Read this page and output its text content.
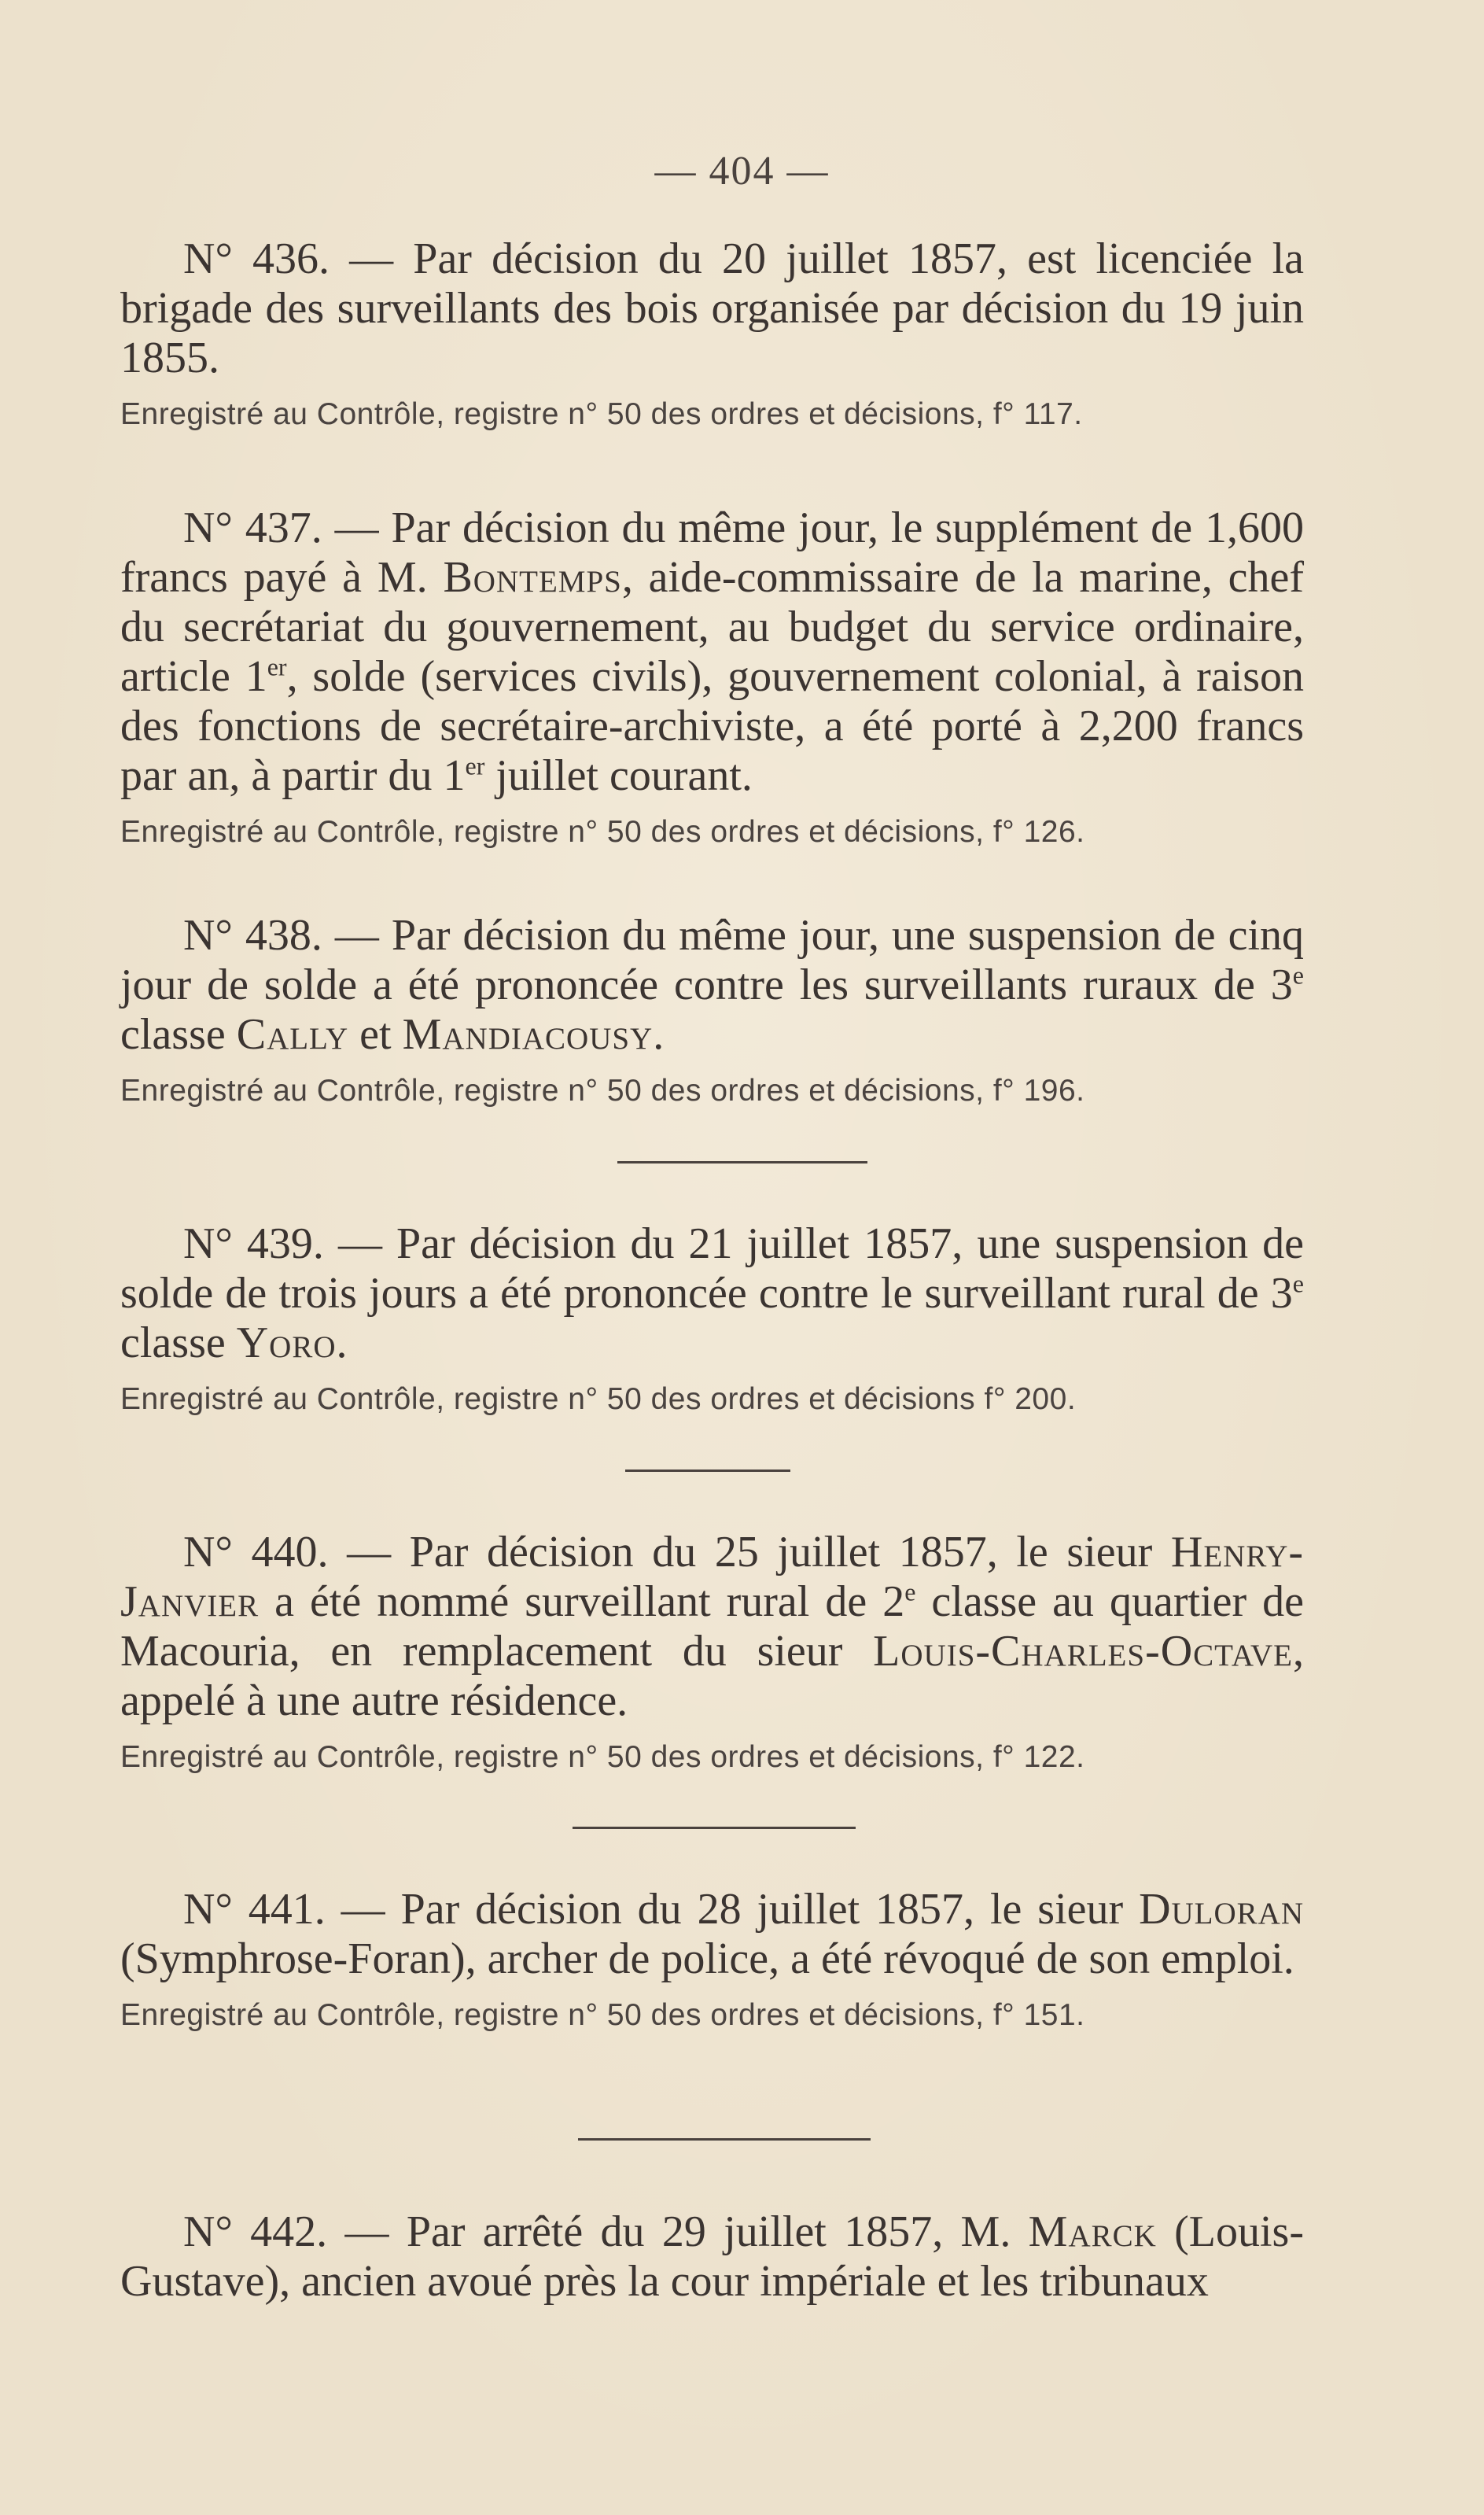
— 404 —

N° 436. — Par décision du 20 juillet 1857, est licenciée la brigade des surveillants des bois organisée par décision du 19 juin 1855.

Enregistré au Contrôle, registre n° 50 des ordres et décisions, f° 117.

N° 437. — Par décision du même jour, le supplément de 1,600 francs payé à M. Bontemps, aide-commissaire de la marine, chef du secrétariat du gouvernement, au budget du service ordinaire, article 1er, solde (services civils), gouvernement colonial, à raison des fonctions de secrétaire-archiviste, a été porté à 2,200 francs par an, à partir du 1er juillet courant.

Enregistré au Contrôle, registre n° 50 des ordres et décisions, f° 126.

N° 438. — Par décision du même jour, une suspension de cinq jour de solde a été prononcée contre les surveillants ruraux de 3e classe Cally et Mandiacousy.

Enregistré au Contrôle, registre n° 50 des ordres et décisions, f° 196.

N° 439. — Par décision du 21 juillet 1857, une suspension de solde de trois jours a été prononcée contre le surveillant rural de 3e classe Yoro.

Enregistré au Contrôle, registre n° 50 des ordres et décisions f° 200.

N° 440. — Par décision du 25 juillet 1857, le sieur Henry-Janvier a été nommé surveillant rural de 2e classe au quartier de Macouria, en remplacement du sieur Louis-Charles-Octave, appelé à une autre résidence.

Enregistré au Contrôle, registre n° 50 des ordres et décisions, f° 122.

N° 441. — Par décision du 28 juillet 1857, le sieur Duloran (Symphrose-Foran), archer de police, a été révoqué de son emploi.

Enregistré au Contrôle, registre n° 50 des ordres et décisions, f° 151.

N° 442. — Par arrêté du 29 juillet 1857, M. Marck (Louis-Gustave), ancien avoué près la cour impériale et les tribunaux
